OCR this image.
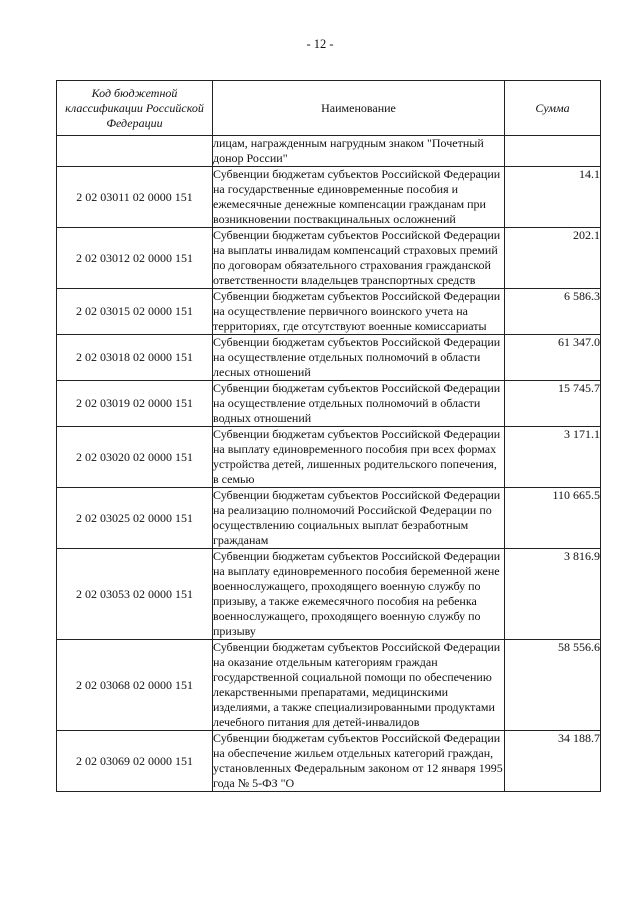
- 12 -
Код бюджетной классификации Российской Федерации	Наименование	Сумма
	лицам, награжденным нагрудным знаком "Почетный донор России"	
2 02 03011 02 0000 151	Субвенции бюджетам субъектов Российской Федерации на государственные единовременные пособия и ежемесячные денежные компенсации гражданам при возникновении поствакцинальных осложнений	14.1
2 02 03012 02 0000 151	Субвенции бюджетам субъектов Российской Федерации на выплаты инвалидам компенсаций страховых премий по договорам обязательного страхования гражданской ответственности владельцев транспортных средств	202.1
2 02 03015 02 0000 151	Субвенции бюджетам субъектов Российской Федерации на осуществление первичного воинского учета на территориях, где отсутствуют военные комиссариаты	6 586.3
2 02 03018 02 0000 151	Субвенции бюджетам субъектов Российской Федерации на осуществление отдельных полномочий в области лесных отношений	61 347.0
2 02 03019 02 0000 151	Субвенции бюджетам субъектов Российской Федерации на осуществление отдельных полномочий в области водных отношений	15 745.7
2 02 03020 02 0000 151	Субвенции бюджетам субъектов Российской Федерации на выплату единовременного пособия при всех формах устройства детей, лишенных родительского попечения, в семью	3 171.1
2 02 03025 02 0000 151	Субвенции бюджетам субъектов Российской Федерации на реализацию полномочий Российской Федерации по осуществлению социальных выплат безработным гражданам	110 665.5
2 02 03053 02 0000 151	Субвенции бюджетам субъектов Российской Федерации на выплату единовременного пособия беременной жене военнослужащего, проходящего военную службу по призыву, а также ежемесячного пособия на ребенка военнослужащего, проходящего военную службу по призыву	3 816.9
2 02 03068 02 0000 151	Субвенции бюджетам субъектов Российской Федерации на оказание отдельным категориям граждан государственной социальной помощи по обеспечению лекарственными препаратами, медицинскими изделиями, а также специализированными продуктами лечебного питания для детей-инвалидов	58 556.6
2 02 03069 02 0000 151	Субвенции бюджетам субъектов Российской Федерации на обеспечение жильем отдельных категорий граждан, установленных Федеральным законом от 12 января 1995 года № 5-ФЗ "О	34 188.7
